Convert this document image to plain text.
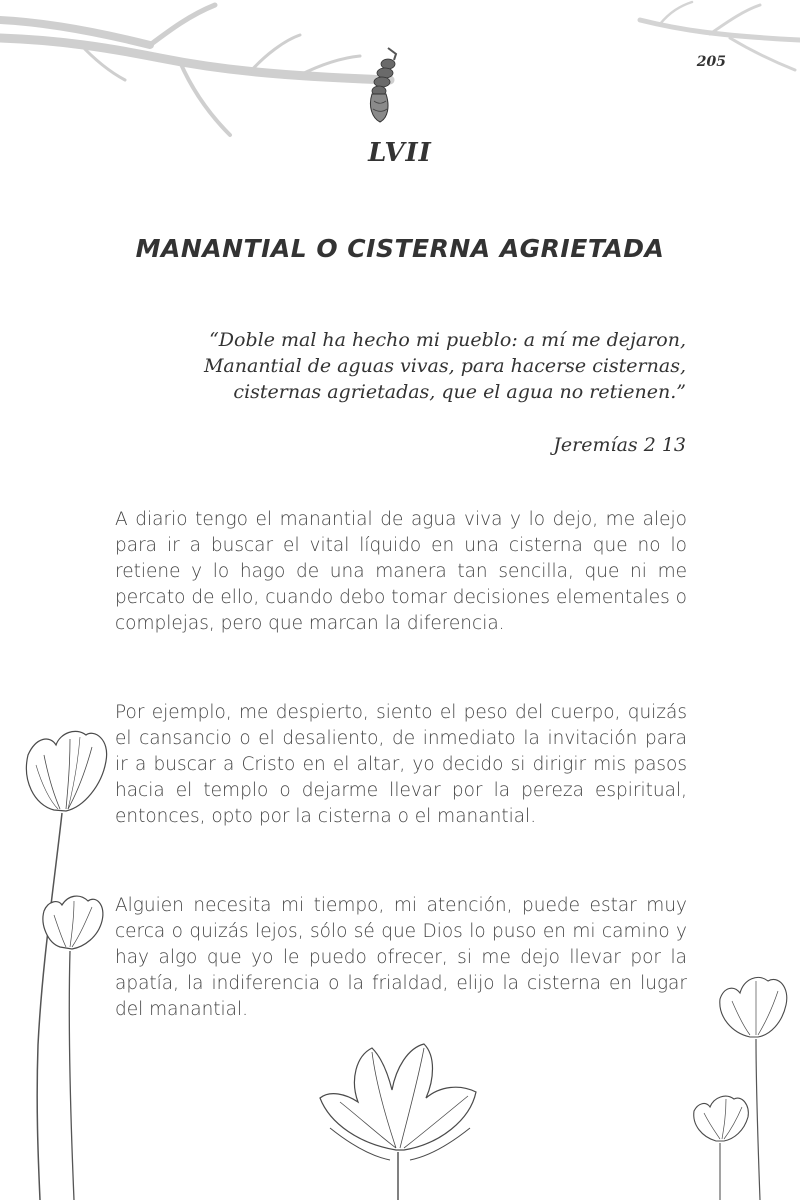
205
LVII
MANANTIAL O CISTERNA AGRIETADA
“Doble mal ha hecho mi pueblo: a mí me dejaron, Manantial de aguas vivas, para hacerse cisternas, cisternas agrietadas, que el agua no retienen.”
Jeremías 2 13

A diario tengo el manantial de agua viva y lo dejo, me alejo para ir a buscar el vital líquido en una cisterna que no lo retiene y lo hago de una manera tan sencilla, que ni me percato de ello, cuando debo tomar decisiones elementales o complejas, pero que marcan la diferencia.

Por ejemplo, me despierto, siento el peso del cuerpo, quizás el cansancio o el desaliento, de inmediato la invitación para ir a buscar a Cristo en el altar, yo decido si dirigir mis pasos hacia el templo o dejarme llevar por la pereza espiritual, entonces, opto por la cisterna o el manantial.

Alguien necesita mi tiempo, mi atención, puede estar muy cerca o quizás lejos, sólo sé que Dios lo puso en mi camino y hay algo que yo le puedo ofrecer, si me dejo llevar por la apatía, la indiferencia o la frialdad, elijo la cisterna en lugar del manantial.
